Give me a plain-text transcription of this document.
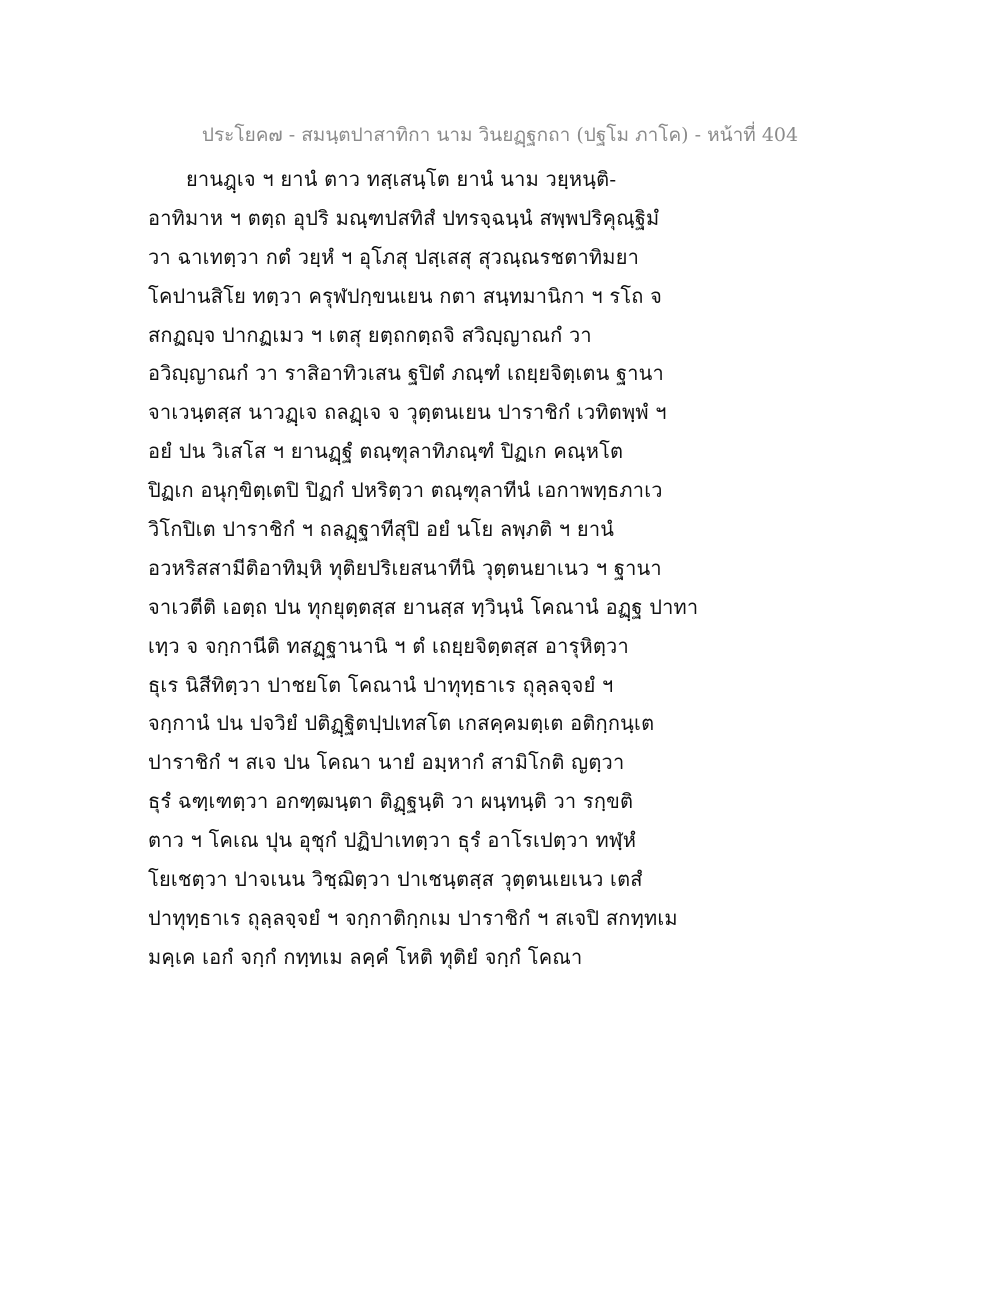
ประโยค๗ - สมนฺตปาสาทิกา นาม วินยฏฺฐกถา (ปฐโม ภาโค) - หน้าที่ 404
ยานฎฺเจ ฯ ยานํ ตาว ทสฺเสนฺโต ยานํ นาม วยฺหนฺติ-
อาทิมาห ฯ ตตฺถ อุปริ มณฺฑปสทิสํ ปทรจฺฉนฺนํ สพฺพปริคุณฺฐิมํ
วา ฉาเทตฺวา กตํ วยฺหํ ฯ อุโภสุ ปสฺเสสุ สุวณฺณรชตาทิมยา
โคปานสิโย ทตฺวา ครุฬปกฺขนเยน กตา สนฺทมานิกา ฯ รโถ จ
สกฏญฺจ ปากฏเมว ฯ เตสุ ยตฺถกตฺถจิ สวิญฺญาณกํ วา
อวิญฺญาณกํ วา ราสิอาทิวเสน ฐปิตํ ภณฺฑํ เถยฺยจิตฺเตน ฐานา
จาเวนฺตสฺส นาวฏฺเจ ถลฏฺเจ จ วุตฺตนเยน ปาราชิกํ เวทิตพฺพํ ฯ
อยํ ปน วิเสโส ฯ ยานฏฺฐํ ตณฺฑุลาทิภณฺฑํ ปิฏเก คณฺหโต
ปิฏเก อนุกฺขิตฺเตปิ ปิฏกํ ปหริตฺวา ตณฺฑุลาทีนํ เอกาพทฺธภาเว
วิโกปิเต ปาราชิกํ ฯ ถลฏฺฐาทีสุปิ อยํ นโย ลพฺภติ ฯ ยานํ
อวหริสสามีติอาทิมฺหิ ทุติยปริเยสนาทีนิ วุตฺตนยาเนว ฯ ฐานา
จาเวตีติ เอตฺถ ปน ทุกยุตฺตสฺส ยานสฺส ทฺวินฺนํ โคณานํ อฏฺฐ ปาทา
เทฺว จ จกฺกานีติ ทสฏฺฐานานิ ฯ ตํ เถยฺยจิตฺตสฺส อารุหิตฺวา
ธุเร นิสีทิตฺวา ปาชยโต โคณานํ ปาทุทฺธาเร ถุลฺลจฺจยํ ฯ
จกฺกานํ ปน ปจวิยํ ปติฏฺฐิตปฺปเทสโต เกสคฺคมตฺเต อติกฺกนฺเต
ปาราชิกํ ฯ สเจ ปน โคณา นายํ อมฺหากํ สามิโกติ ญตฺวา
ธุรํ ฉฑฺเฑตฺวา อกฑฺฒนฺตา ติฏฺฐนฺติ วา ผนฺทนฺติ วา รกฺขติ
ตาว ฯ โคเณ ปุน อุชุกํ ปฏิปาเทตฺวา ธุรํ อาโรเปตฺวา ทฬฺหํ
โยเชตฺวา ปาจเนน วิชฺฌิตฺวา ปาเชนฺตสฺส วุตฺตนเยเนว เตสํ
ปาทุทฺธาเร ถุลฺลจฺจยํ ฯ จกฺกาติกฺกเม ปาราชิกํ ฯ สเจปิ สกทฺทเม
มคฺเค เอกํ จกฺกํ กทฺทเม ลคฺคํ โหติ ทุติยํ จกฺกํ โคณา
